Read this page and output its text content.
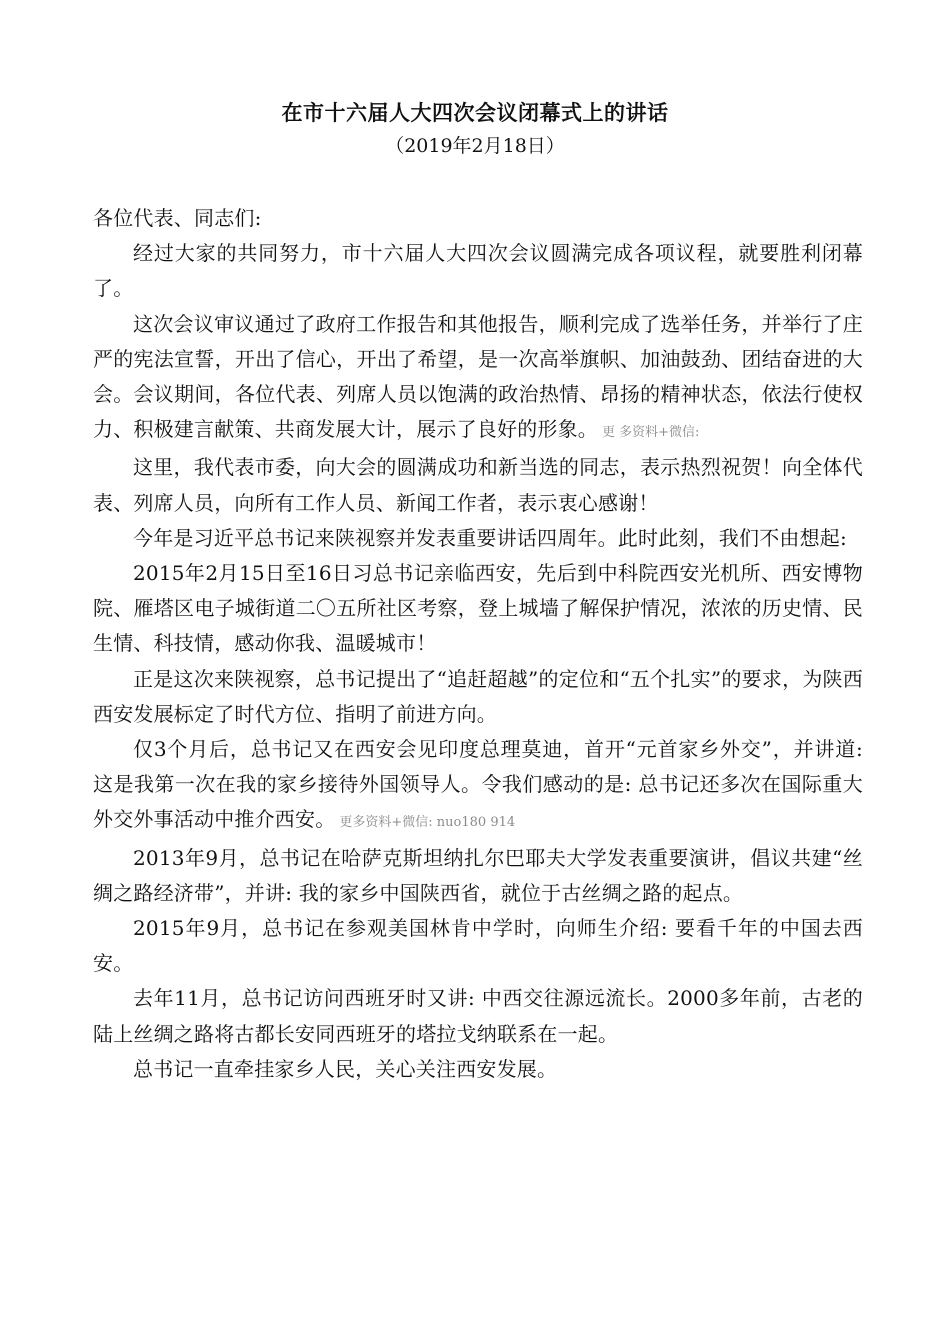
在市十六届人大四次会议闭幕式上的讲话
（2019年2月18日）

各位代表、同志们:

经过大家的共同努力，市十六届人大四次会议圆满完成各项议程，就要胜利闭幕了。

这次会议审议通过了政府工作报告和其他报告，顺利完成了选举任务，并举行了庄严的宪法宣誓，开出了信心，开出了希望，是一次高举旗帜、加油鼓劲、团结奋进的大会。会议期间，各位代表、列席人员以饱满的政治热情、昂扬的精神状态，依法行使权力、积极建言献策、共商发展大计，展示了良好的形象。 更 多资料+微信:

这里，我代表市委，向大会的圆满成功和新当选的同志，表示热烈祝贺！向全体代表、列席人员，向所有工作人员、新闻工作者，表示衷心感谢！

今年是习近平总书记来陕视察并发表重要讲话四周年。此时此刻，我们不由想起:

2015年2月15日至16日习总书记亲临西安，先后到中科院西安光机所、西安博物院、雁塔区电子城街道二〇五所社区考察，登上城墙了解保护情况，浓浓的历史情、民生情、科技情，感动你我、温暖城市！

正是这次来陕视察，总书记提出了“追赶超越”的定位和“五个扎实”的要求，为陕西西安发展标定了时代方位、指明了前进方向。

仅3个月后，总书记又在西安会见印度总理莫迪，首开“元首家乡外交”，并讲道: 这是我第一次在我的家乡接待外国领导人。令我们感动的是: 总书记还多次在国际重大外交外事活动中推介西安。 更多资料+微信: nuo180 914

2013年9月，总书记在哈萨克斯坦纳扎尔巴耶夫大学发表重要演讲，倡议共建“丝绸之路经济带”，并讲: 我的家乡中国陕西省，就位于古丝绸之路的起点。

2015年9月，总书记在参观美国林肯中学时，向师生介绍: 要看千年的中国去西安。

去年11月，总书记访问西班牙时又讲: 中西交往源远流长。2000多年前，古老的陆上丝绸之路将古都长安同西班牙的塔拉戈纳联系在一起。

总书记一直牵挂家乡人民，关心关注西安发展。
